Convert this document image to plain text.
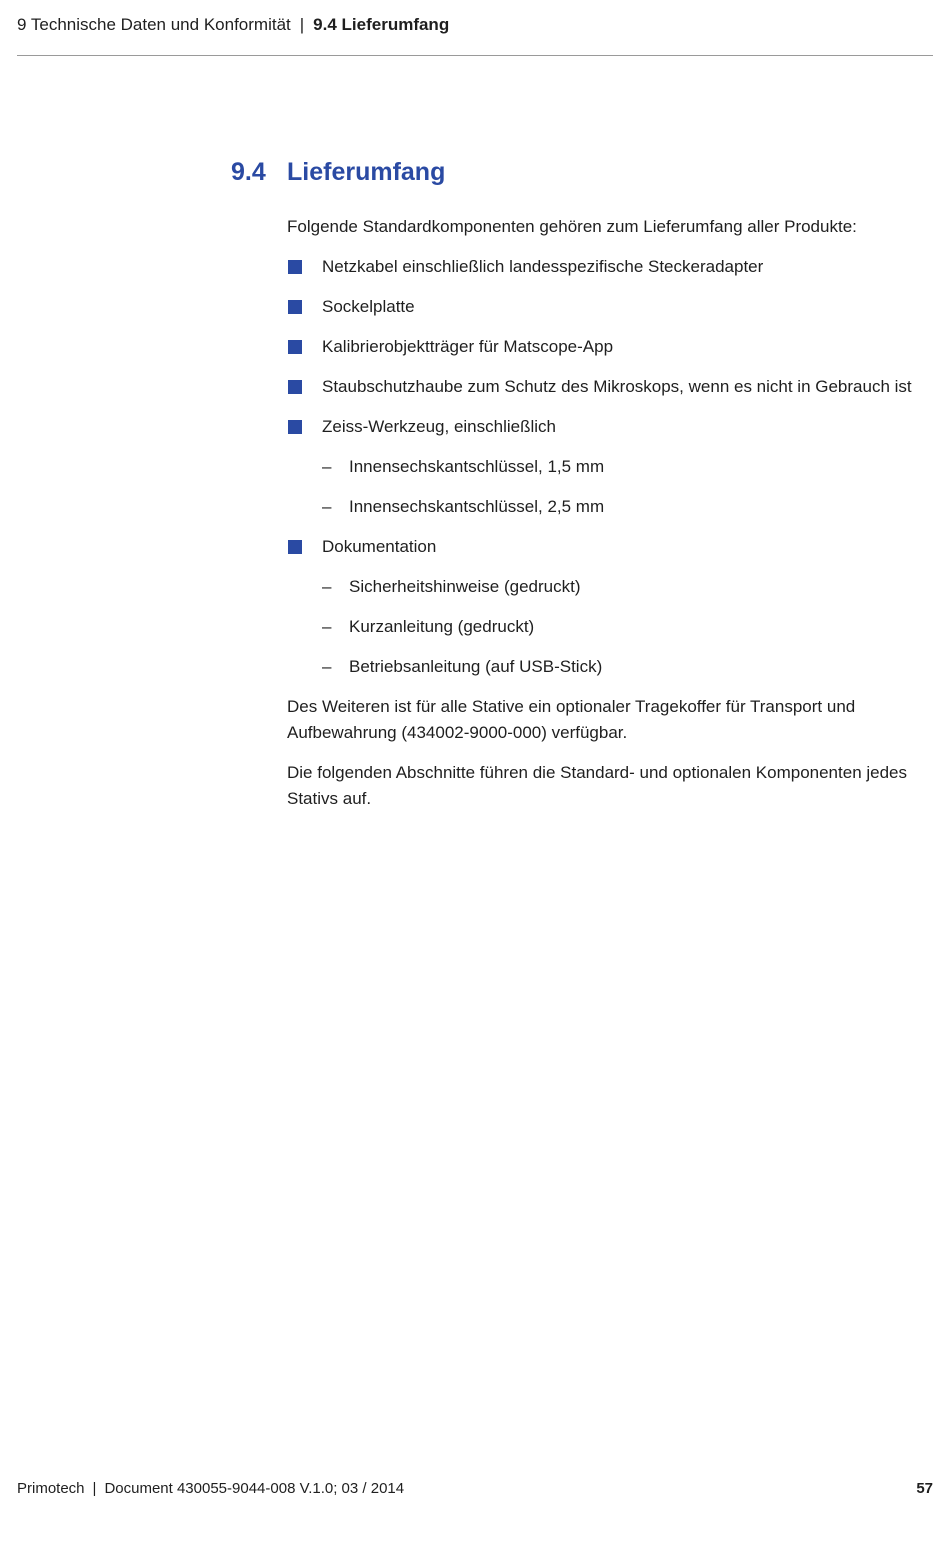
9 Technische Daten und Konformität | 9.4 Lieferumfang
9.4 Lieferumfang

Folgende Standardkomponenten gehören zum Lieferumfang aller Produkte:

Netzkabel einschließlich landesspezifische Steckeradapter
Sockelplatte
Kalibrierobjektträger für Matscope-App
Staubschutzhaube zum Schutz des Mikroskops, wenn es nicht in Gebrauch ist
Zeiss-Werkzeug, einschließlich
– Innensechskantschlüssel, 1,5 mm
– Innensechskantschlüssel, 2,5 mm
Dokumentation
– Sicherheitshinweise (gedruckt)
– Kurzanleitung (gedruckt)
– Betriebsanleitung (auf USB-Stick)

Des Weiteren ist für alle Stative ein optionaler Tragekoffer für Transport und Aufbewahrung (434002-9000-000) verfügbar.

Die folgenden Abschnitte führen die Standard- und optionalen Komponenten jedes Stativs auf.

Primotech | Document 430055-9044-008 V.1.0; 03 / 2014	57
